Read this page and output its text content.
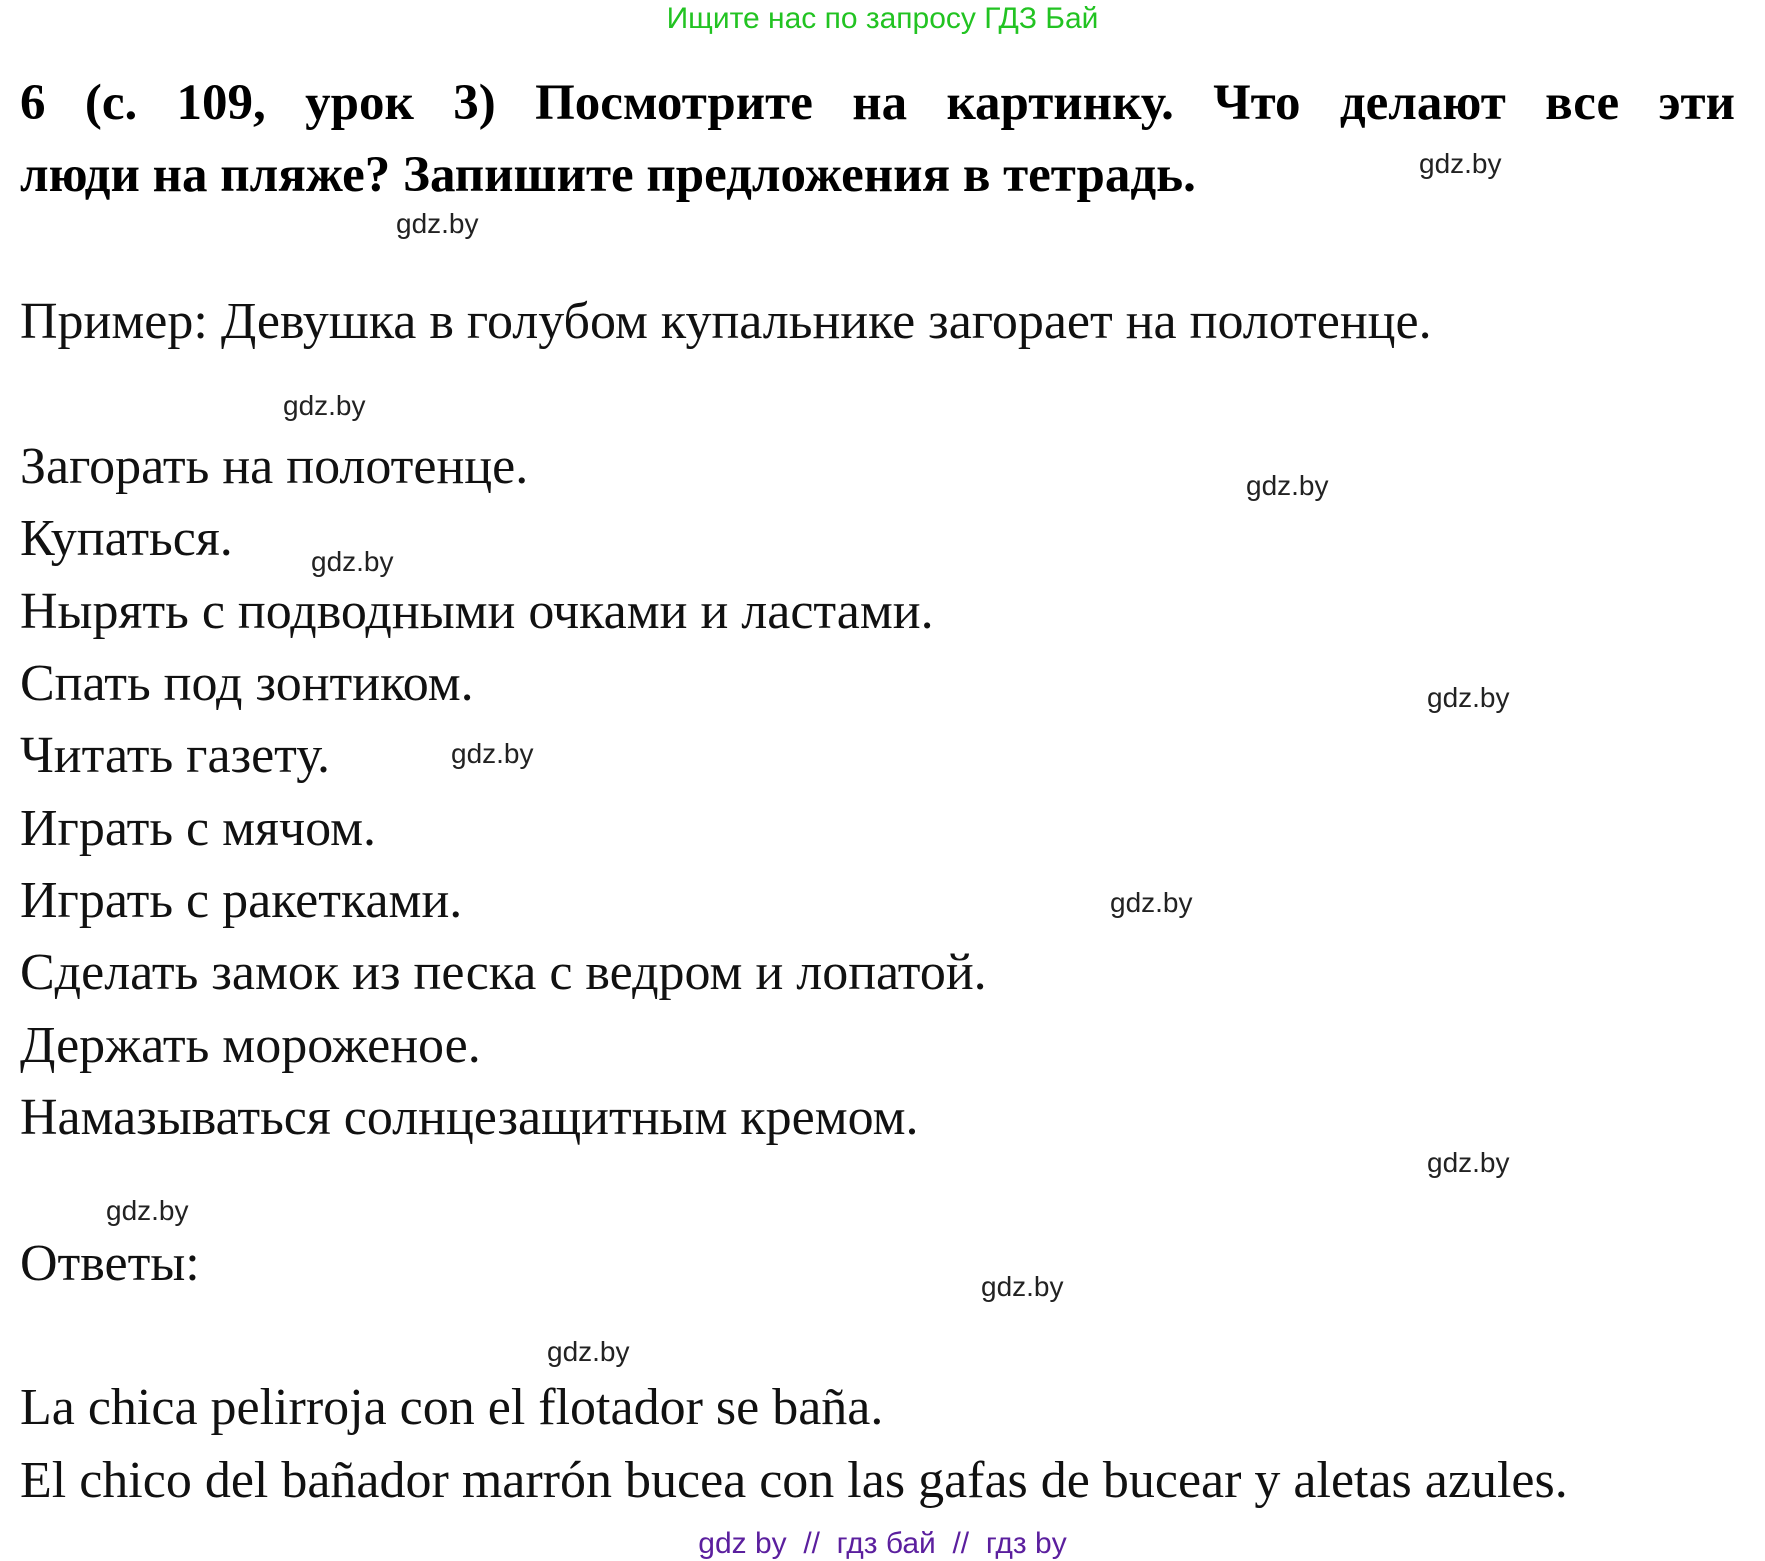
Ищите нас по запросу ГДЗ Бай
6 (с. 109, урок 3) Посмотрите на картинку. Что делают все эти
люди на пляже? Запишите предложения в тетрадь.
Пример: Девушка в голубом купальнике загорает на полотенце.
Загорать на полотенце.
Купаться.
Нырять с подводными очками и ластами.
Спать под зонтиком.
Читать газету.
Играть с мячом.
Играть с ракетками.
Сделать замок из песка с ведром и лопатой.
Держать мороженое.
Намазываться солнцезащитным кремом.
Ответы:
La chica pelirroja con el flotador se baña.
El chico del bañador marrón bucea con las gafas de bucear y aletas azules.
gdz.by
gdz.by
gdz.by
gdz.by
gdz.by
gdz.by
gdz.by
gdz.by
gdz.by
gdz.by
gdz.by
gdz.by
gdz by  //  гдз бай  //  гдз by
